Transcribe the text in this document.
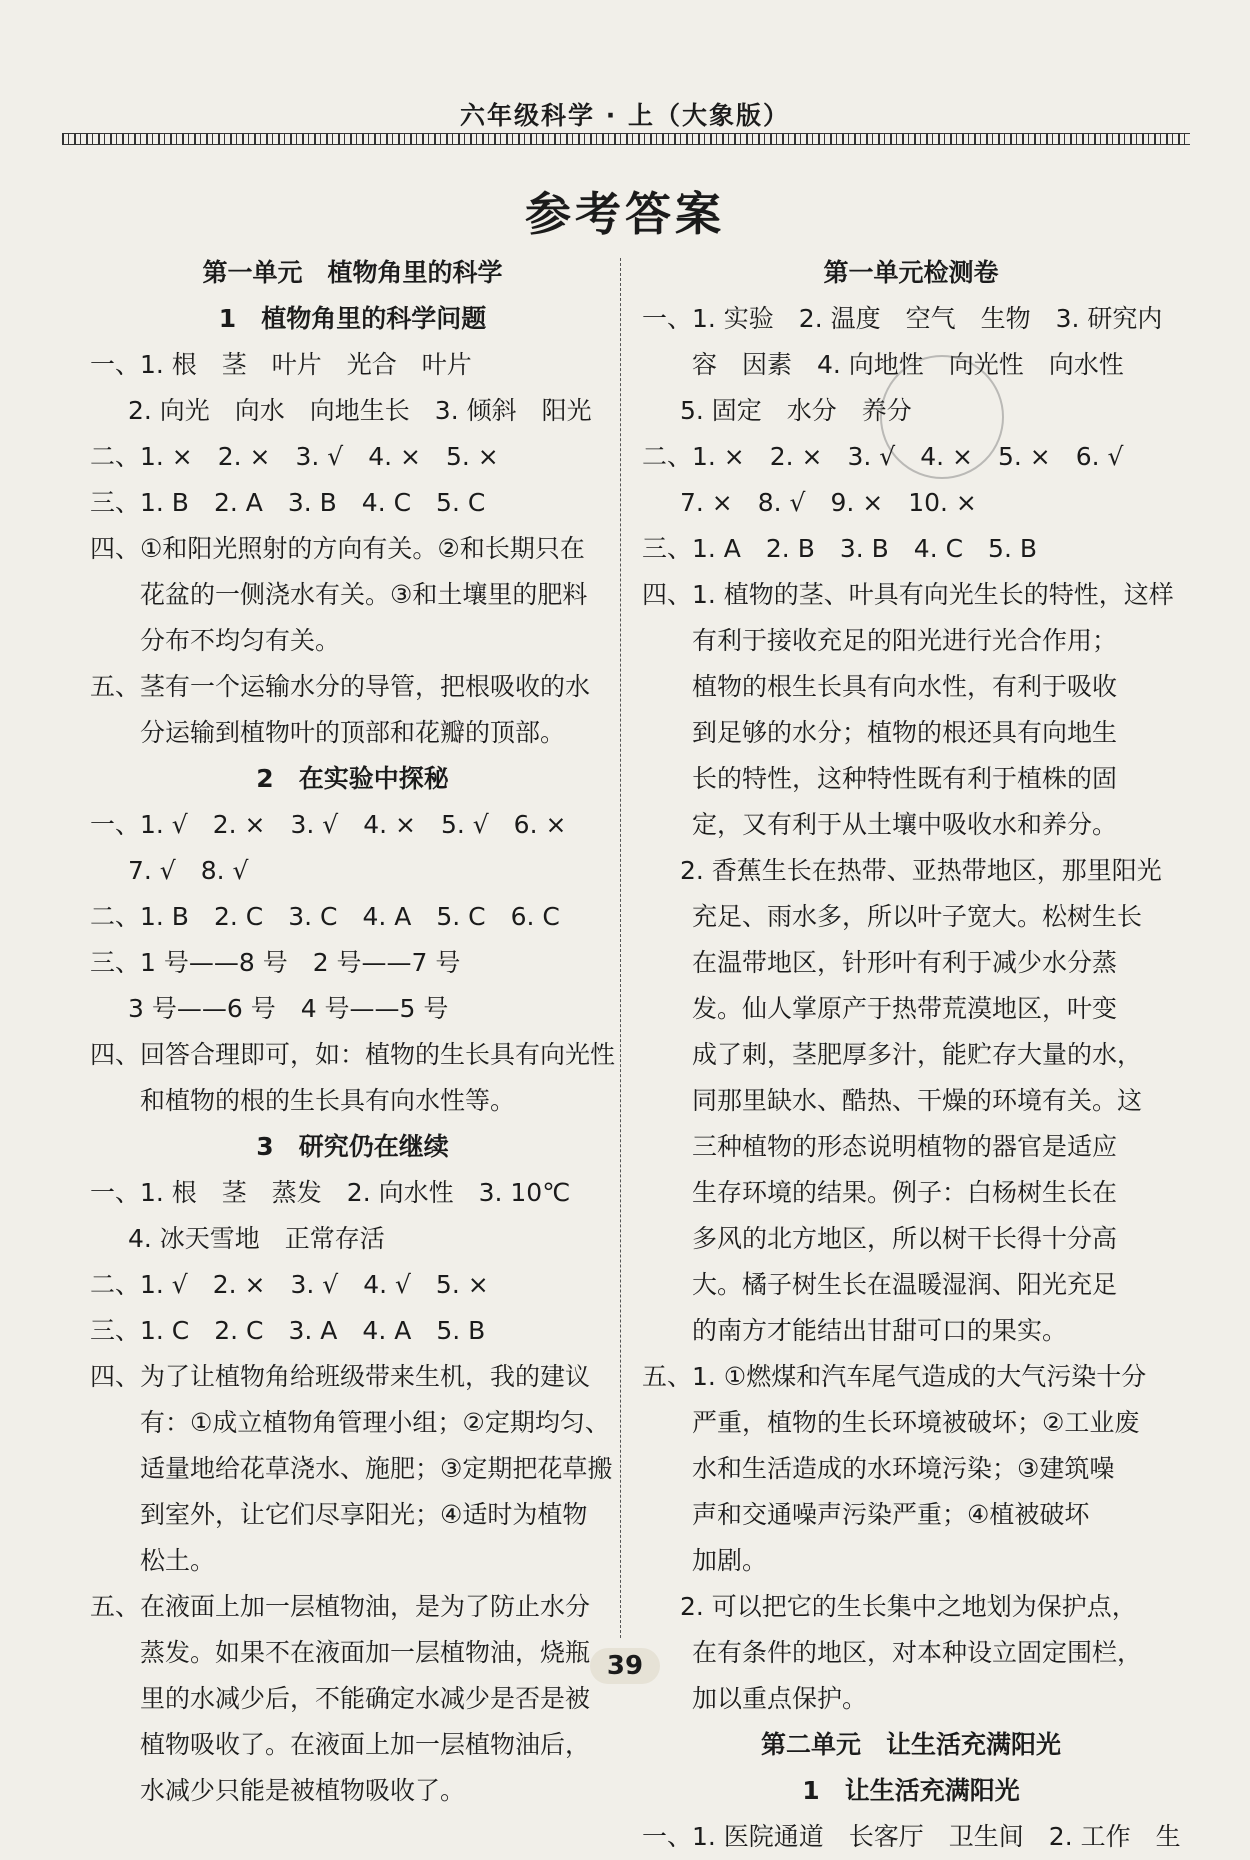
六年级科学 · 上（大象版）
参考答案
第一单元　植物角里的科学
1　植物角里的科学问题
一、1. 根　茎　叶片　光合　叶片
2. 向光　向水　向地生长　3. 倾斜　阳光
二、1. ×　2. ×　3. √　4. ×　5. ×
三、1. B　2. A　3. B　4. C　5. C
四、①和阳光照射的方向有关。②和长期只在
花盆的一侧浇水有关。③和土壤里的肥料
分布不均匀有关。
五、茎有一个运输水分的导管，把根吸收的水
分运输到植物叶的顶部和花瓣的顶部。
2　在实验中探秘
一、1. √　2. ×　3. √　4. ×　5. √　6. ×
7. √　8. √
二、1. B　2. C　3. C　4. A　5. C　6. C
三、1 号——8 号　2 号——7 号
3 号——6 号　4 号——5 号
四、回答合理即可，如：植物的生长具有向光性
和植物的根的生长具有向水性等。
3　研究仍在继续
一、1. 根　茎　蒸发　2. 向水性　3. 10℃
4. 冰天雪地　正常存活
二、1. √　2. ×　3. √　4. √　5. ×
三、1. C　2. C　3. A　4. A　5. B
四、为了让植物角给班级带来生机，我的建议
有：①成立植物角管理小组；②定期均匀、
适量地给花草浇水、施肥；③定期把花草搬
到室外，让它们尽享阳光；④适时为植物
松土。
五、在液面上加一层植物油，是为了防止水分
蒸发。如果不在液面加一层植物油，烧瓶
里的水减少后，不能确定水减少是否是被
植物吸收了。在液面上加一层植物油后，
水减少只能是被植物吸收了。
第一单元检测卷
一、1. 实验　2. 温度　空气　生物　3. 研究内
容　因素　4. 向地性　向光性　向水性
5. 固定　水分　养分
二、1. ×　2. ×　3. √　4. ×　5. ×　6. √
7. ×　8. √　9. ×　10. ×
三、1. A　2. B　3. B　4. C　5. B
四、1. 植物的茎、叶具有向光生长的特性，这样
有利于接收充足的阳光进行光合作用；
植物的根生长具有向水性，有利于吸收
到足够的水分；植物的根还具有向地生
长的特性，这种特性既有利于植株的固
定，又有利于从土壤中吸收水和养分。
2. 香蕉生长在热带、亚热带地区，那里阳光
充足、雨水多，所以叶子宽大。松树生长
在温带地区，针形叶有利于减少水分蒸
发。仙人掌原产于热带荒漠地区，叶变
成了刺，茎肥厚多汁，能贮存大量的水，
同那里缺水、酷热、干燥的环境有关。这
三种植物的形态说明植物的器官是适应
生存环境的结果。例子：白杨树生长在
多风的北方地区，所以树干长得十分高
大。橘子树生长在温暖湿润、阳光充足
的南方才能结出甘甜可口的果实。
五、1. ①燃煤和汽车尾气造成的大气污染十分
严重，植物的生长环境被破坏；②工业废
水和生活造成的水环境污染；③建筑噪
声和交通噪声污染严重；④植被破坏
加剧。
2. 可以把它的生长集中之地划为保护点，
在有条件的地区，对本种设立固定围栏，
加以重点保护。
第二单元　让生活充满阳光
1　让生活充满阳光
一、1. 医院通道　长客厅　卫生间　2. 工作　生
39
